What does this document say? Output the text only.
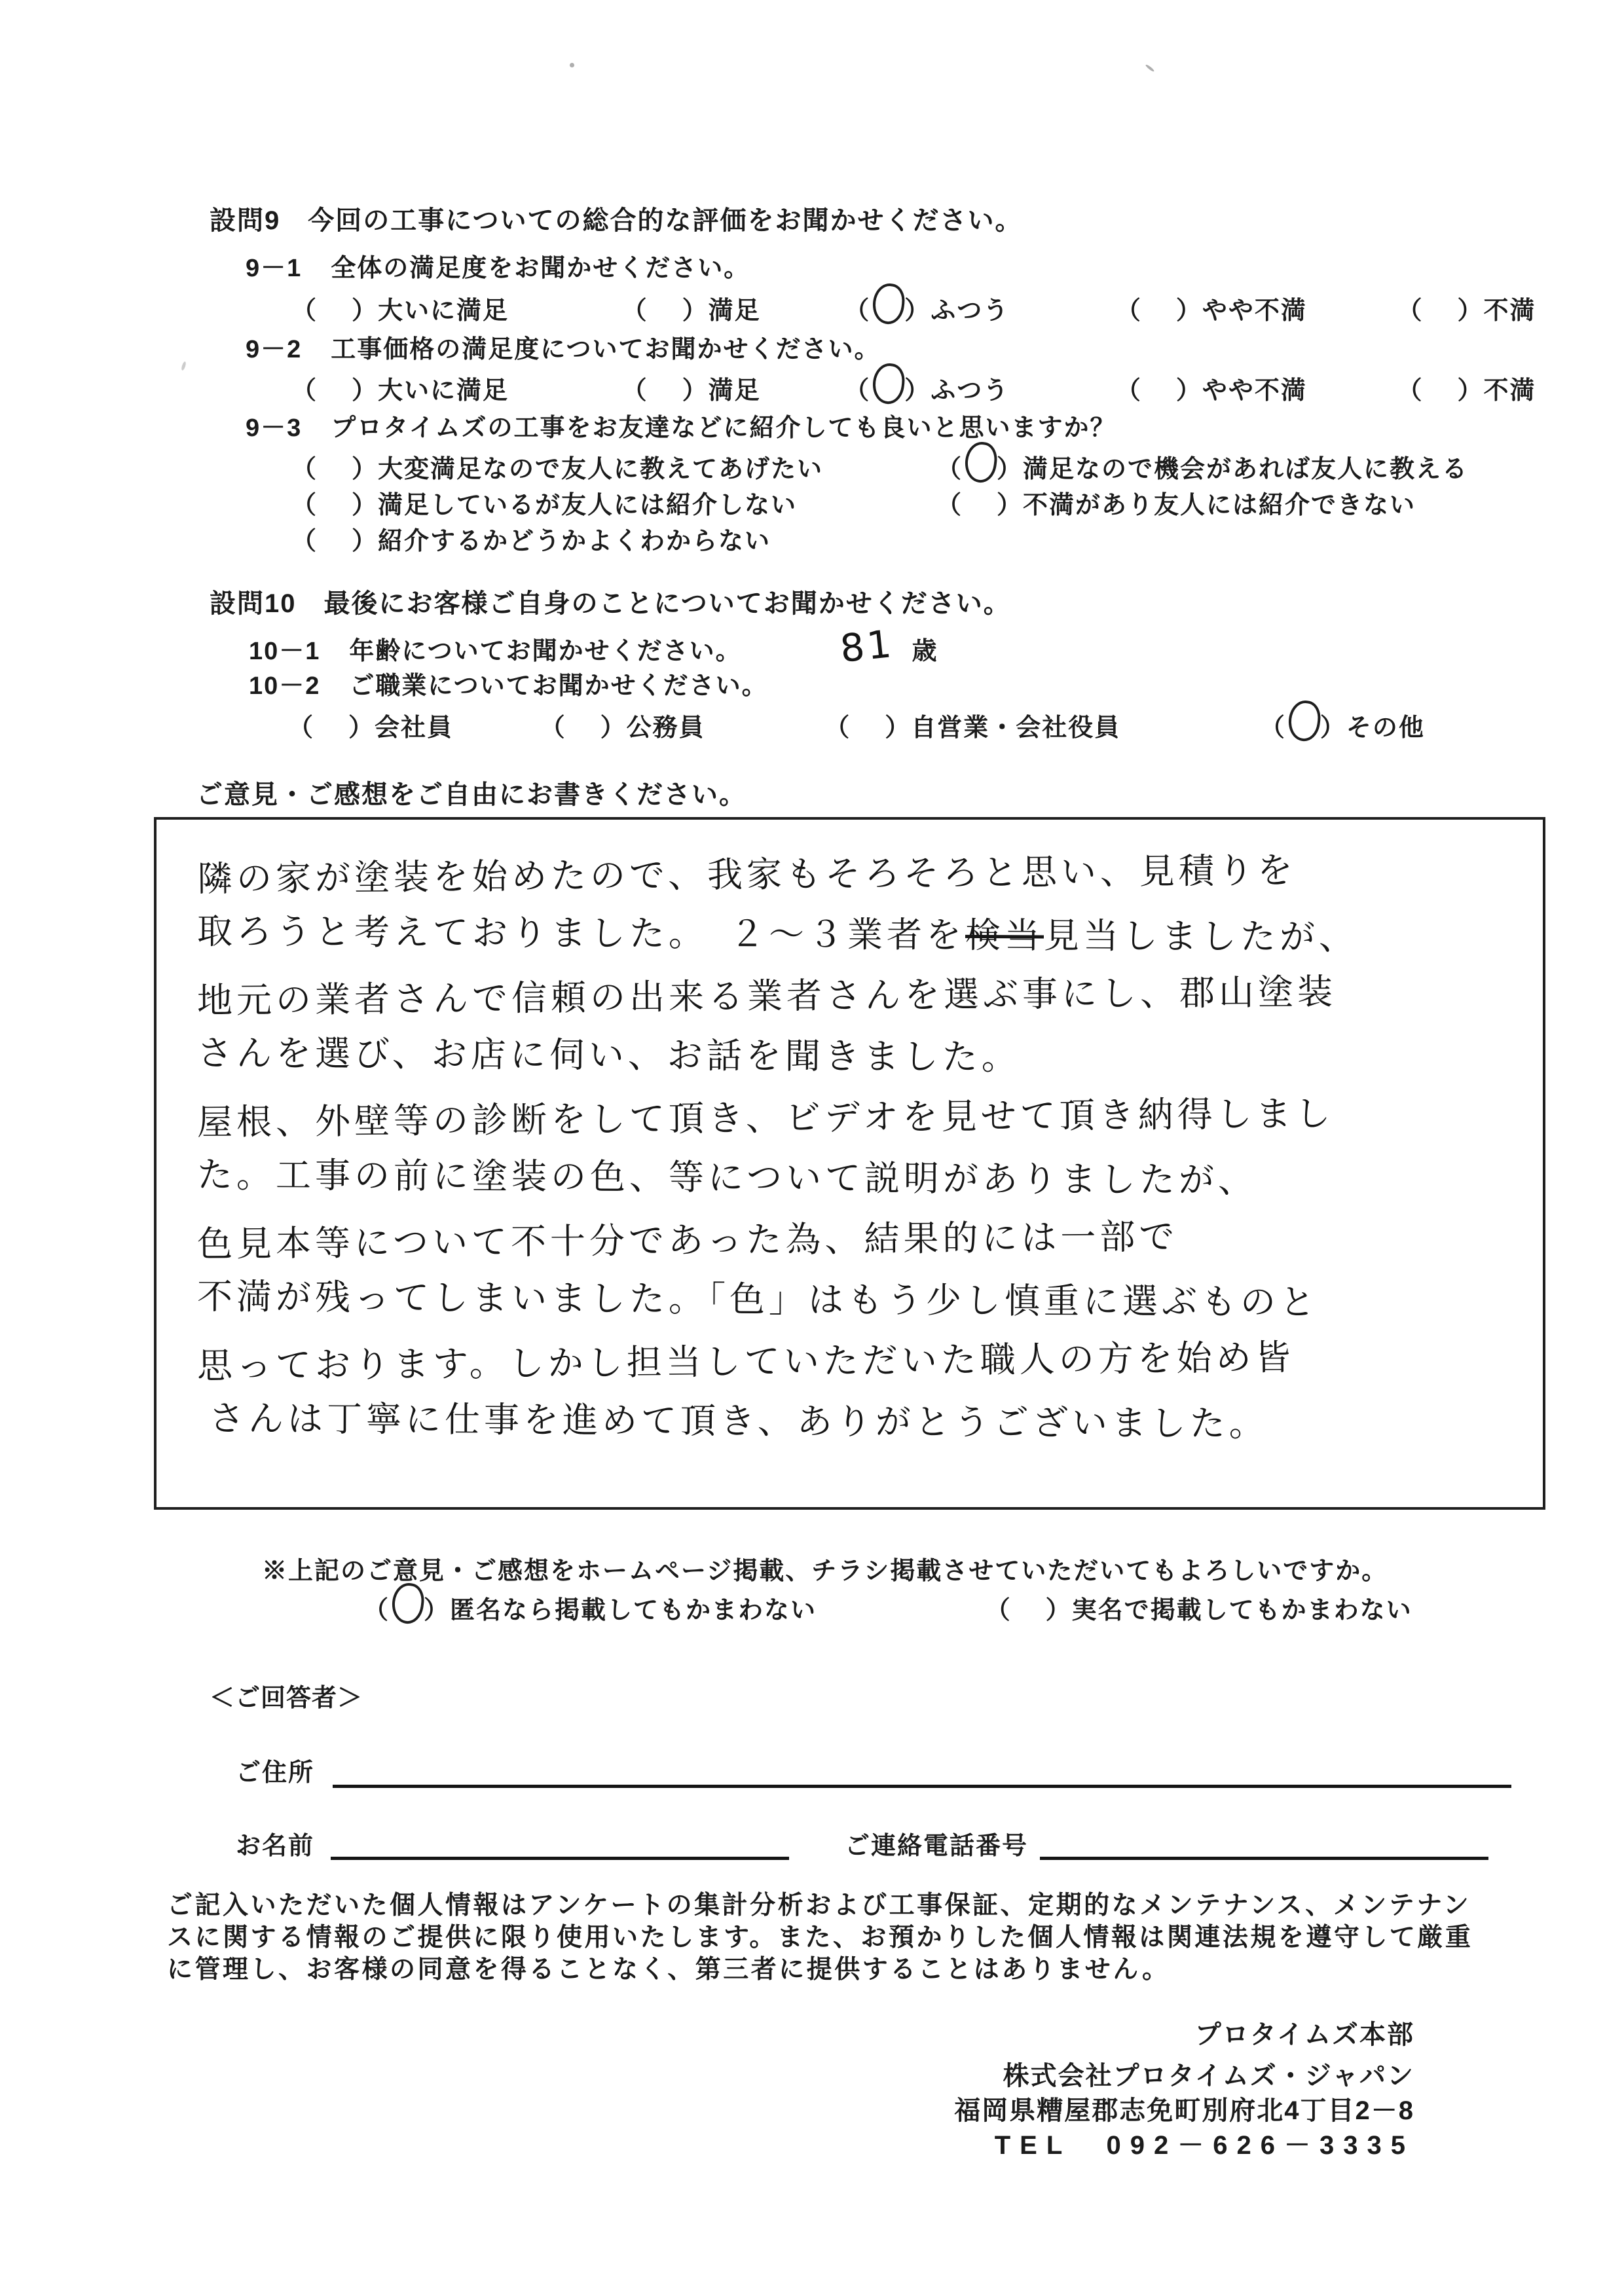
設問9 今回の工事についての総合的な評価をお聞かせください。
9－1 全体の満足度をお聞かせください。
（ ）大いに満足	（ ）満足	（ ）ふつう	（ ）やや不満	（ ）不満
9－2 工事価格の満足度についてお聞かせください。
（ ）大いに満足	（ ）満足	（ ）ふつう	（ ）やや不満	（ ）不満
9－3 プロタイムズの工事をお友達などに紹介しても良いと思いますか？
（ ）大変満足なので友人に教えてあげたい	（ ）満足なので機会があれば友人に教える
（ ）満足しているが友人には紹介しない	（ ）不満があり友人には紹介できない
（ ）紹介するかどうかよくわからない
設問10 最後にお客様ご自身のことについてお聞かせください。
10－1 年齢についてお聞かせください。	81 歳
10－2 ご職業についてお聞かせください。
（ ）会社員	（ ）公務員	（ ）自営業・会社役員	（ ）その他
ご意見・ご感想をご自由にお書きください。
隣の家が塗装を始めたので、我家もそろそろと思い、見積りを
取ろうと考えておりました。　２〜３業者を検当見当しましたが、
地元の業者さんで信頼の出来る業者さんを選ぶ事にし、郡山塗装
さんを選び、お店に伺い、お話を聞きました。
屋根、外壁等の診断をして頂き、ビデオを見せて頂き納得しまし
た。工事の前に塗装の色、等について説明がありましたが、
色見本等について不十分であった為、結果的には一部で
不満が残ってしまいました。「色」はもう少し慎重に選ぶものと
思っております。しかし担当していただいた職人の方を始め皆
さんは丁寧に仕事を進めて頂き、ありがとうございました。
※上記のご意見・ご感想をホームページ掲載、チラシ掲載させていただいてもよろしいですか。
（ ）匿名なら掲載してもかまわない	（ ）実名で掲載してもかまわない
＜ご回答者＞
ご住所
お名前	ご連絡電話番号
ご記入いただいた個人情報はアンケートの集計分析および工事保証、定期的なメンテナンス、メンテナン
スに関する情報のご提供に限り使用いたします。また、お預かりした個人情報は関連法規を遵守して厳重
に管理し、お客様の同意を得ることなく、第三者に提供することはありません。
プロタイムズ本部
株式会社プロタイムズ・ジャパン
福岡県糟屋郡志免町別府北4丁目2－8
TEL　092－626－3335
